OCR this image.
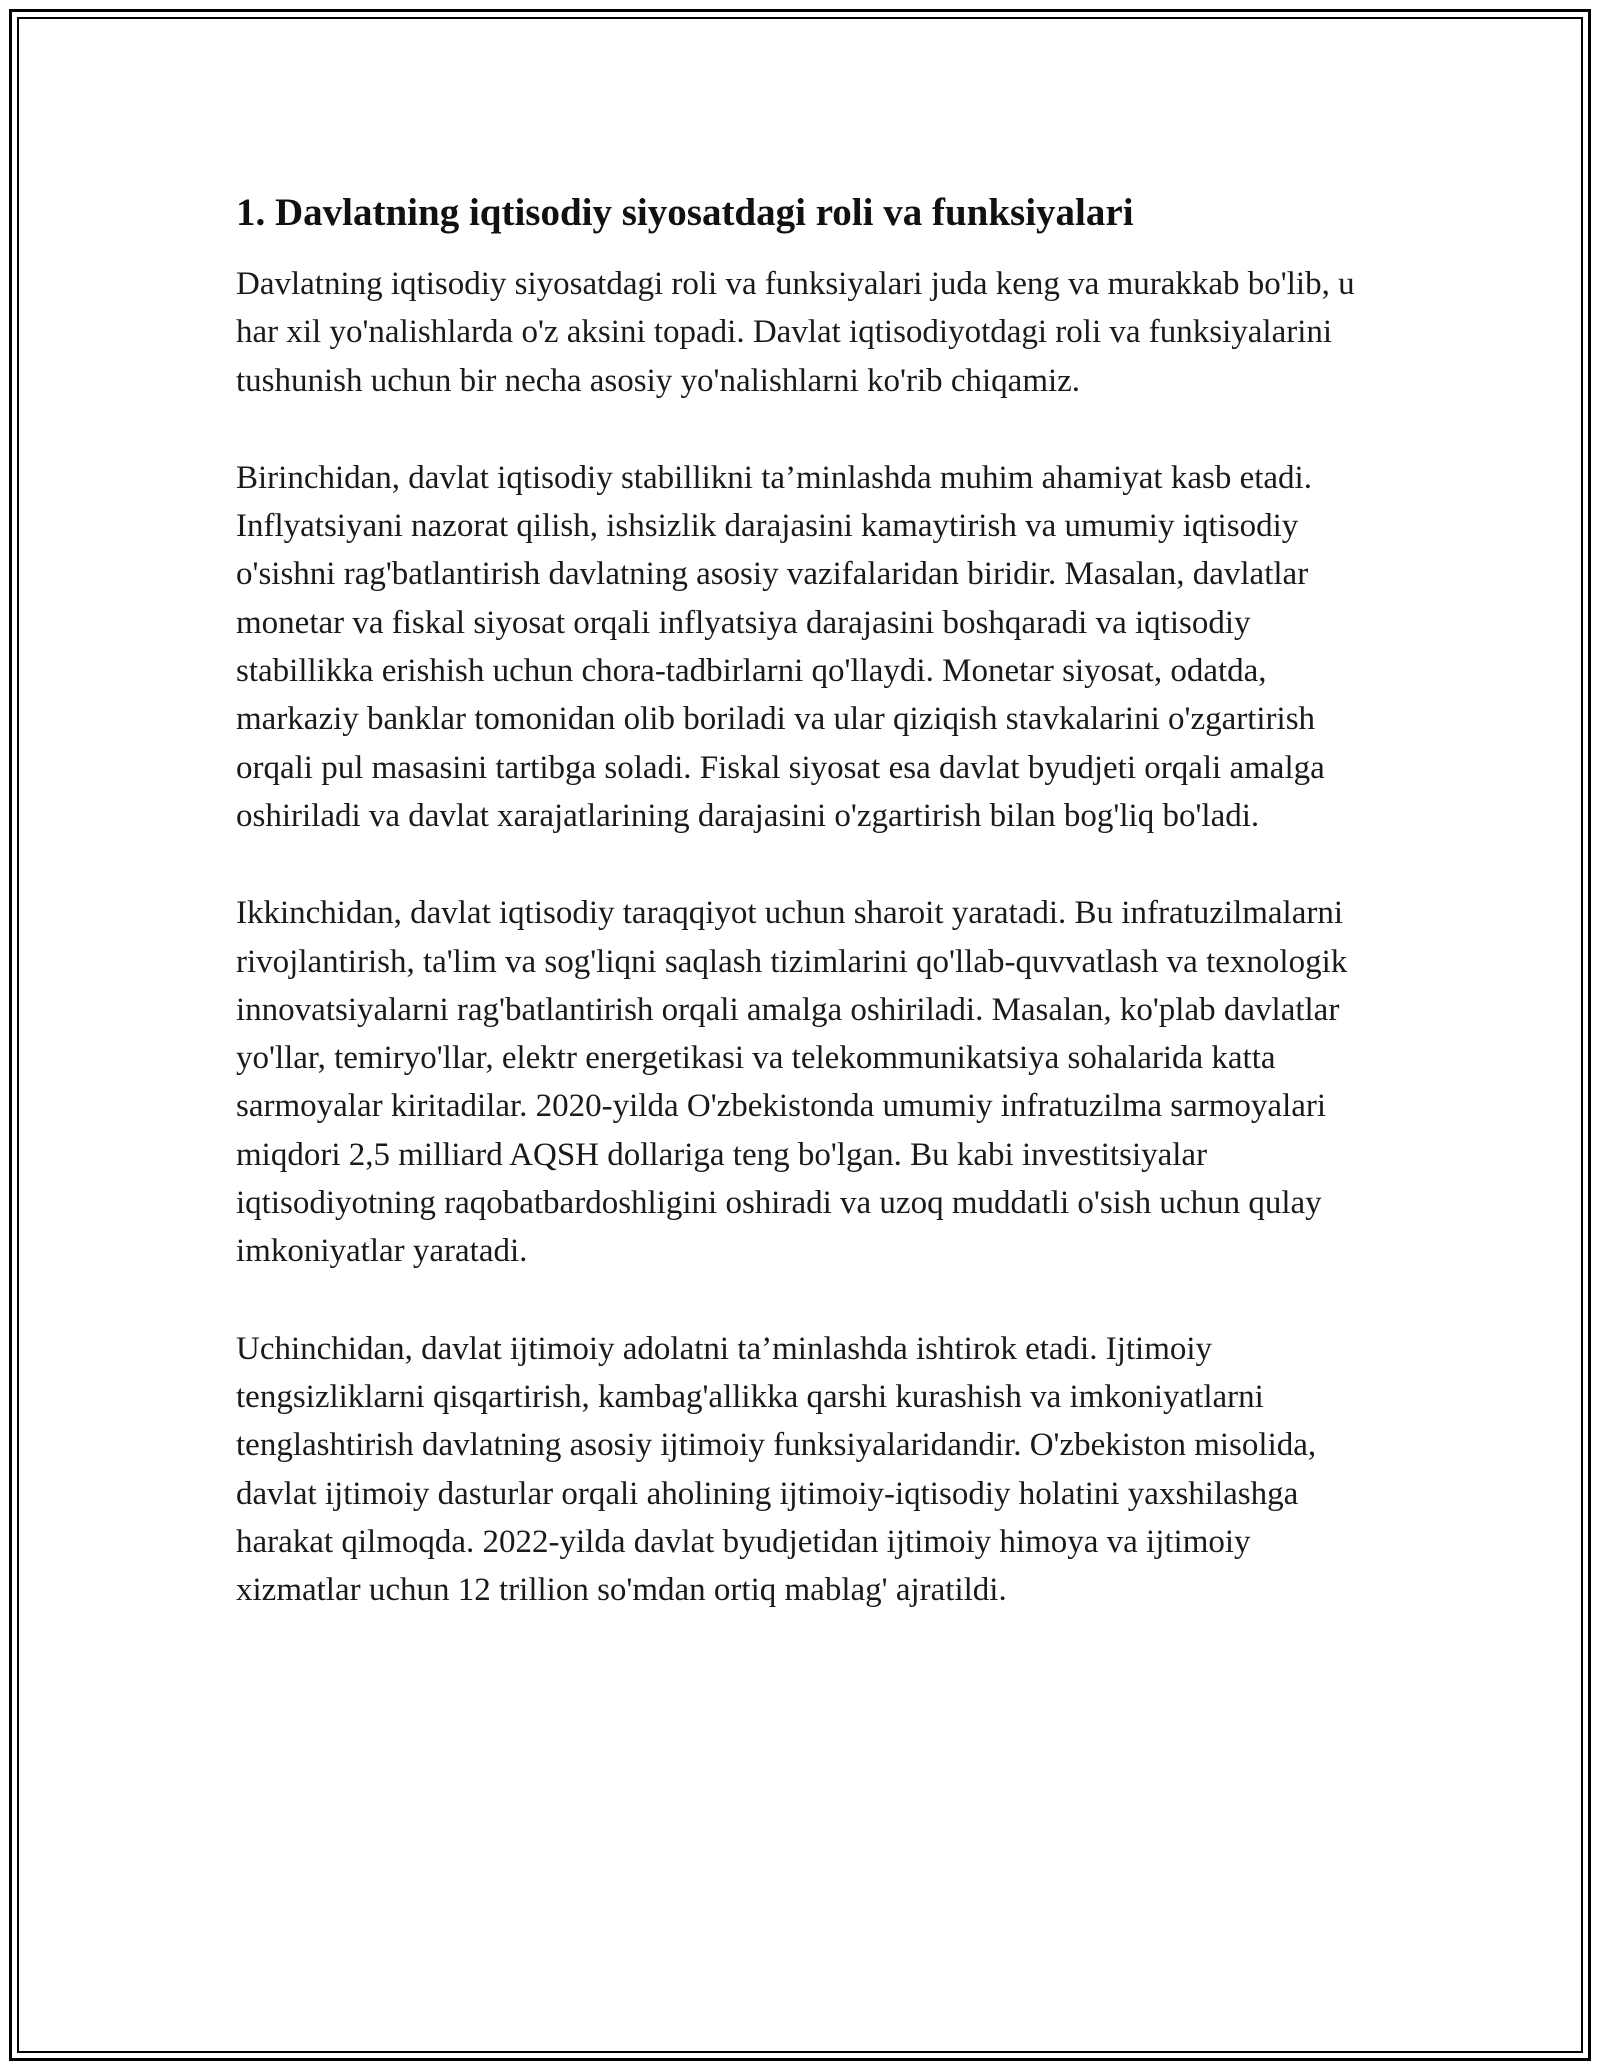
1. Davlatning iqtisodiy siyosatdagi roli va funksiyalari

Davlatning iqtisodiy siyosatdagi roli va funksiyalari juda keng va murakkab bo'lib, u har xil yo'nalishlarda o'z aksini topadi. Davlat iqtisodiyotdagi roli va funksiyalarini tushunish uchun bir necha asosiy yo'nalishlarni ko'rib chiqamiz.

Birinchidan, davlat iqtisodiy stabillikni ta’minlashda muhim ahamiyat kasb etadi. Inflyatsiyani nazorat qilish, ishsizlik darajasini kamaytirish va umumiy iqtisodiy o'sishni rag'batlantirish davlatning asosiy vazifalaridan biridir. Masalan, davlatlar monetar va fiskal siyosat orqali inflyatsiya darajasini boshqaradi va iqtisodiy stabillikka erishish uchun chora-tadbirlarni qo'llaydi. Monetar siyosat, odatda, markaziy banklar tomonidan olib boriladi va ular qiziqish stavkalarini o'zgartirish orqali pul masasini tartibga soladi. Fiskal siyosat esa davlat byudjeti orqali amalga oshiriladi va davlat xarajatlarining darajasini o'zgartirish bilan bog'liq bo'ladi.

Ikkinchidan, davlat iqtisodiy taraqqiyot uchun sharoit yaratadi. Bu infratuzilmalarni rivojlantirish, ta'lim va sog'liqni saqlash tizimlarini qo'llab-quvvatlash va texnologik innovatsiyalarni rag'batlantirish orqali amalga oshiriladi. Masalan, ko'plab davlatlar yo'llar, temiryo'llar, elektr energetikasi va telekommunikatsiya sohalarida katta sarmoyalar kiritadilar. 2020-yilda O'zbekistonda umumiy infratuzilma sarmoyalari miqdori 2,5 milliard AQSH dollariga teng bo'lgan. Bu kabi investitsiyalar iqtisodiyotning raqobatbardoshligini oshiradi va uzoq muddatli o'sish uchun qulay imkoniyatlar yaratadi.

Uchinchidan, davlat ijtimoiy adolatni ta’minlashda ishtirok etadi. Ijtimoiy tengsizliklarni qisqartirish, kambag'allikka qarshi kurashish va imkoniyatlarni tenglashtirish davlatning asosiy ijtimoiy funksiyalaridandir. O'zbekiston misolida, davlat ijtimoiy dasturlar orqali aholining ijtimoiy-iqtisodiy holatini yaxshilashga harakat qilmoqda. 2022-yilda davlat byudjetidan ijtimoiy himoya va ijtimoiy xizmatlar uchun 12 trillion so'mdan ortiq mablag' ajratildi.
